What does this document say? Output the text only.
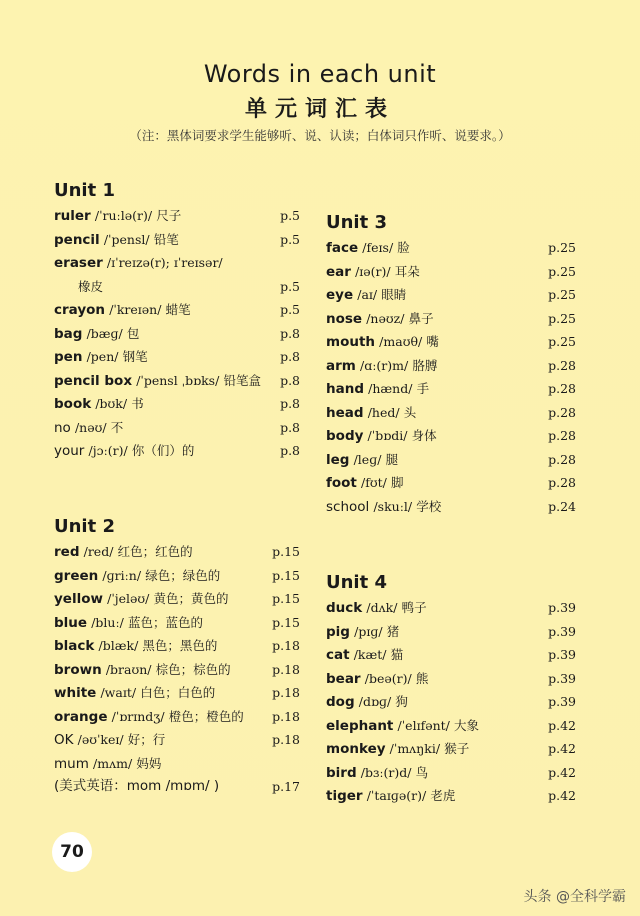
Words in each unit
单元词汇表
（注：黑体词要求学生能够听、说、认读；白体词只作听、说要求。）
Unit 1
ruler /ˈruːlə(r)/ 尺子	p.5
pencil /ˈpensl/ 铅笔	p.5
eraser /ɪˈreɪzə(r); ɪˈreɪsər/
橡皮	p.5
crayon /ˈkreɪən/ 蜡笔	p.5
bag /bæɡ/ 包	p.8
pen /pen/ 钢笔	p.8
pencil box /ˈpensl ˌbɒks/ 铅笔盒 p.8
book /bʊk/ 书	p.8
no /nəʊ/ 不	p.8
your /jɔː(r)/ 你（们）的	p.8
Unit 2
red /red/ 红色；红色的	p.15
green /ɡriːn/ 绿色；绿色的	p.15
yellow /ˈjeləʊ/ 黄色；黄色的	p.15
blue /bluː/ 蓝色；蓝色的	p.15
black /blæk/ 黑色；黑色的	p.18
brown /braʊn/ 棕色；棕色的	p.18
white /waɪt/ 白色；白色的	p.18
orange /ˈɒrɪndʒ/ 橙色；橙色的 p.18
OK /əʊˈkeɪ/ 好；行	p.18
mum /mʌm/ 妈妈
(美式英语：mom /mɒm/ )	p.17
Unit 3
face /feɪs/ 脸	p.25
ear /ɪə(r)/ 耳朵	p.25
eye /aɪ/ 眼睛	p.25
nose /nəʊz/ 鼻子	p.25
mouth /maʊθ/ 嘴	p.25
arm /ɑː(r)m/ 胳膊	p.28
hand /hænd/ 手	p.28
head /hed/ 头	p.28
body /ˈbɒdi/ 身体	p.28
leg /leɡ/ 腿	p.28
foot /fʊt/ 脚	p.28
school /skuːl/ 学校	p.24
Unit 4
duck /dʌk/ 鸭子	p.39
pig /pɪɡ/ 猪	p.39
cat /kæt/ 猫	p.39
bear /beə(r)/ 熊	p.39
dog /dɒɡ/ 狗	p.39
elephant /ˈelɪfənt/ 大象	p.42
monkey /ˈmʌŋki/ 猴子	p.42
bird /bɜː(r)d/ 鸟	p.42
tiger /ˈtaɪɡə(r)/ 老虎	p.42
70
头条 @全科学霸
